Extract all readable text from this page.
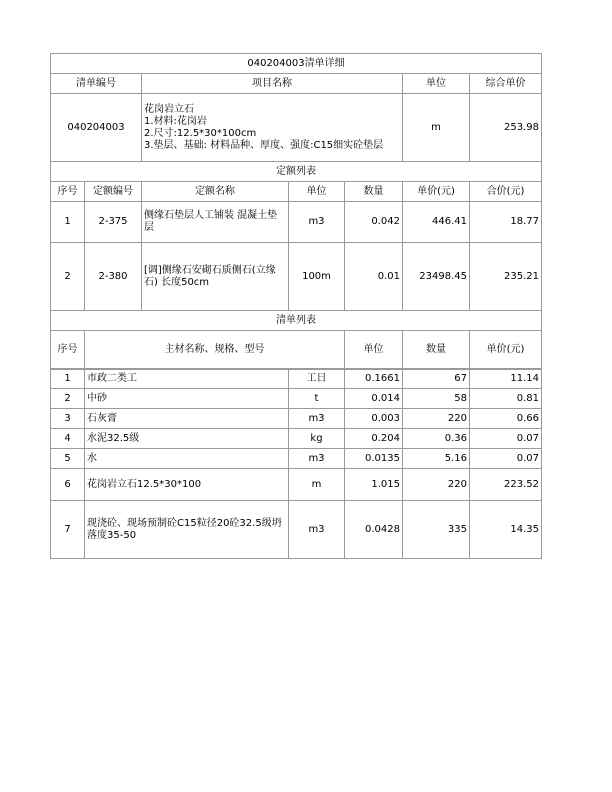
040204003清单详细							
清单编号		项目名称			单位	综合单价	
040204003		花岗岩立石
1.材料:花岗岩
2.尺寸:12.5*30*100cm
3.垫层、基础: 材料品种、厚度、强度:C15细实砼垫层			m	253.98	
定额列表							
序号	定额编号	定额名称	单位	数量	单价(元)	合价(元)	
1	2-375	侧缘石垫层人工铺装 混凝土垫层	m3	0.042	446.41	18.77	
2	2-380	[调]侧缘石安砌石质侧石(立缘石) 长度50cm	100m	0.01	23498.45	235.21	
清单列表							
序号	主材名称、规格、型号			单位	数量	单价(元)	
1	市政二类工	工日	0.1661	67	11.14
2	中砂	t	0.014	58	0.81
3	石灰膏	m3	0.003	220	0.66
4	水泥32.5级	kg	0.204	0.36	0.07
5	水	m3	0.0135	5.16	0.07
6	花岗岩立石12.5*30*100	m	1.015	220	223.52
7	现浇砼、现场预制砼C15粒径20砼32.5级坍落度35-50	m3	0.0428	335	14.35
